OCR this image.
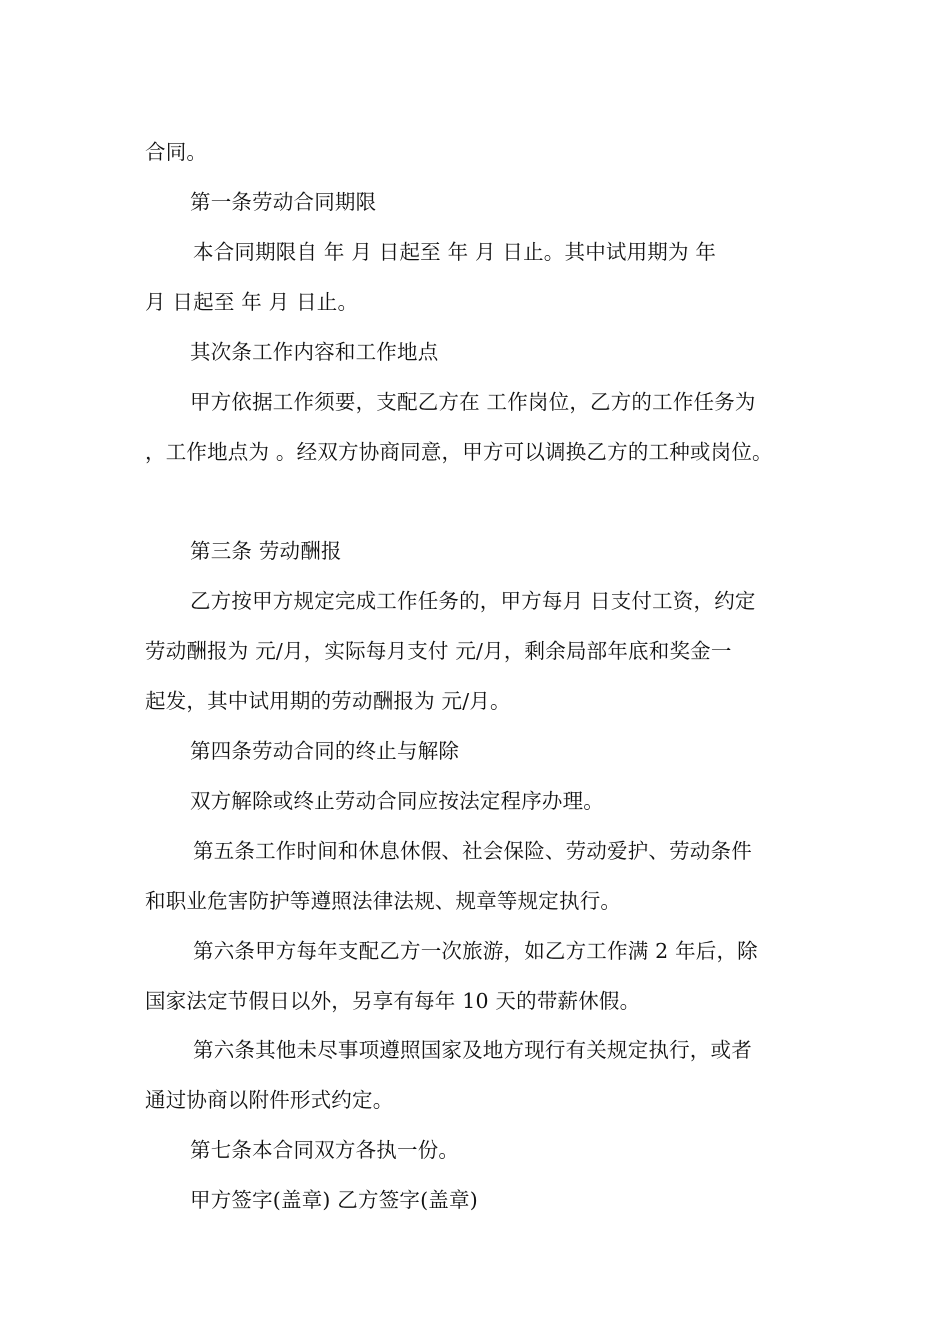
合同。
第一条劳动合同期限
本合同期限自 年 月 日起至 年 月 日止。其中试用期为 年
月 日起至 年 月 日止。
其次条工作内容和工作地点
甲方依据工作须要，支配乙方在 工作岗位，乙方的工作任务为
，工作地点为 。经双方协商同意，甲方可以调换乙方的工种或岗位。
第三条 劳动酬报
乙方按甲方规定完成工作任务的，甲方每月 日支付工资，约定
劳动酬报为 元/月，实际每月支付 元/月，剩余局部年底和奖金一
起发，其中试用期的劳动酬报为 元/月。
第四条劳动合同的终止与解除
双方解除或终止劳动合同应按法定程序办理。
第五条工作时间和休息休假、社会保险、劳动爱护、劳动条件
和职业危害防护等遵照法律法规、规章等规定执行。
第六条甲方每年支配乙方一次旅游，如乙方工作满 2 年后，除
国家法定节假日以外，另享有每年 10 天的带薪休假。
第六条其他未尽事项遵照国家及地方现行有关规定执行，或者
通过协商以附件形式约定。
第七条本合同双方各执一份。
甲方签字(盖章) 乙方签字(盖章)
